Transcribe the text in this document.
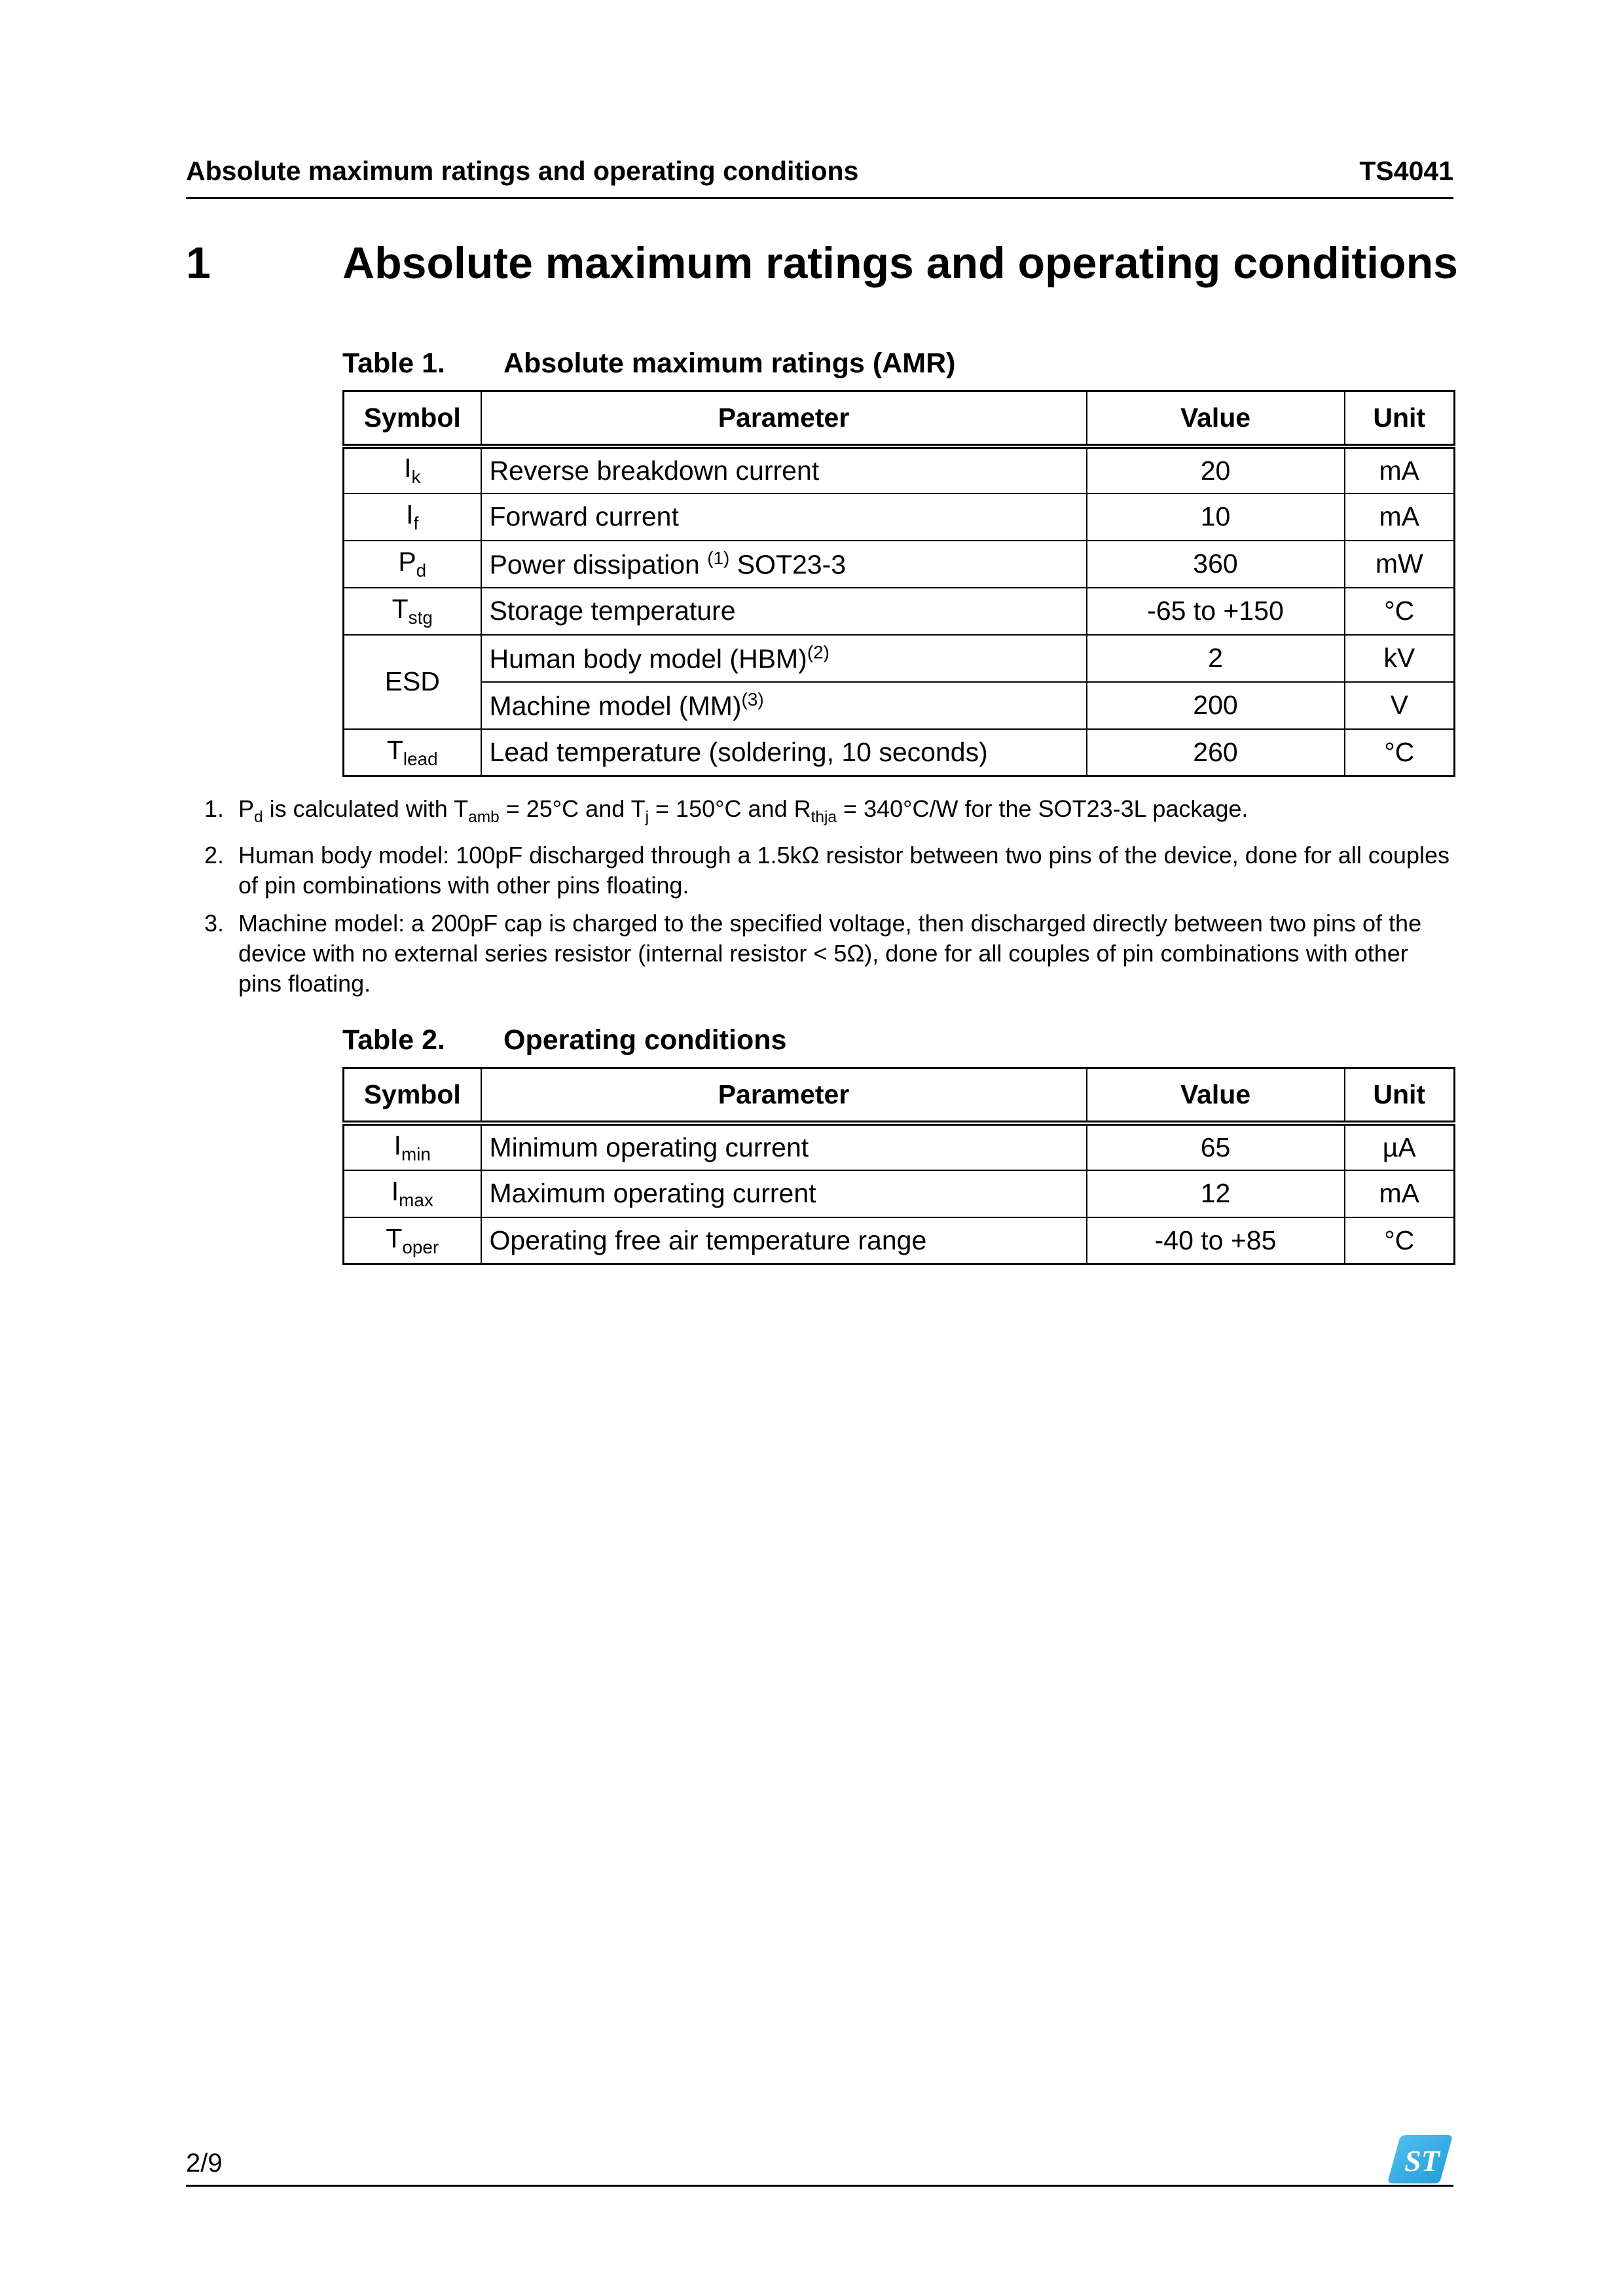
Absolute maximum ratings and operating conditions	TS4041
1	Absolute maximum ratings and operating conditions
Table 1. Absolute maximum ratings (AMR)
Symbol	Parameter	Value	Unit
$I_k$	Reverse breakdown current	20	mA
$I_f$	Forward current	10	mA
$P_d$	Power dissipation $^{(1)}$ SOT23-3	360	mW
$T_{stg}$	Storage temperature	-65 to +150	°C
ESD	Human body model (HBM)$^{(2)}$	2	kV
	Machine model (MM)$^{(3)}$	200	V
$T_{lead}$	Lead temperature (soldering, 10 seconds)	260	°C
1. $P_d$ is calculated with $T_{amb} = 25^\circ C$ and $T_j = 150^\circ C$ and $R_{thja} = 340^\circ C/W$ for the SOT23-3L package.
2. Human body model: 100pF discharged through a 1.5kΩ resistor between two pins of the device, done for all couples of pin combinations with other pins floating.
3. Machine model: a 200pF cap is charged to the specified voltage, then discharged directly between two pins of the device with no external series resistor (internal resistor < 5Ω), done for all couples of pin combinations with other pins floating.
Table 2. Operating conditions
Symbol	Parameter	Value	Unit
$I_{min}$	Minimum operating current	65	µA
$I_{max}$	Maximum operating current	12	mA
$T_{oper}$	Operating free air temperature range	-40 to +85	°C
2/9	ST
